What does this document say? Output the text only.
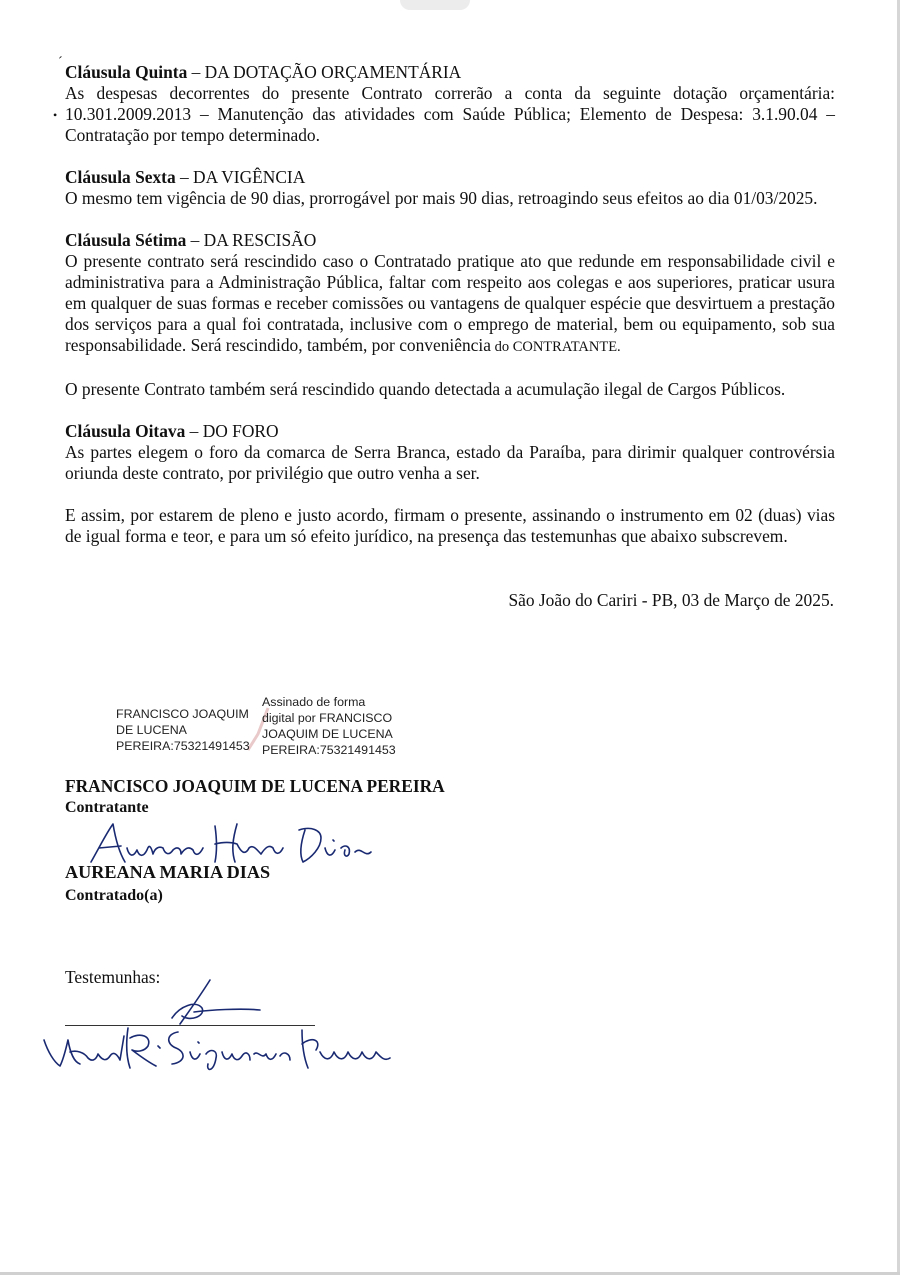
´
•
Cláusula Quinta – DA DOTAÇÃO ORÇAMENTÁRIA

As despesas decorrentes do presente Contrato correrão a conta da seguinte dotação orçamentária: 10.301.2009.2013 – Manutenção das atividades com Saúde Pública; Elemento de Despesa: 3.1.90.04 – Contratação por tempo determinado.

Cláusula Sexta – DA VIGÊNCIA

O mesmo tem vigência de 90 dias, prorrogável por mais 90 dias, retroagindo seus efeitos ao dia 01/03/2025.

Cláusula Sétima – DA RESCISÃO

O presente contrato será rescindido caso o Contratado pratique ato que redunde em responsabilidade civil e administrativa para a Administração Pública, faltar com respeito aos colegas e aos superiores, praticar usura em qualquer de suas formas e receber comissões ou vantagens de qualquer espécie que desvirtuem a prestação dos serviços para a qual foi contratada, inclusive com o emprego de material, bem ou equipamento, sob sua responsabilidade. Será rescindido, também, por conveniência do CONTRATANTE.

O presente Contrato também será rescindido quando detectada a acumulação ilegal de Cargos Públicos.

Cláusula Oitava – DO FORO

As partes elegem o foro da comarca de Serra Branca, estado da Paraíba, para dirimir qualquer controvérsia oriunda deste contrato, por privilégio que outro venha a ser.

E assim, por estarem de pleno e justo acordo, firmam o presente, assinando o instrumento em 02 (duas) vias de igual forma e teor, e para um só efeito jurídico, na presença das testemunhas que abaixo subscrevem.

São João do Cariri - PB, 03 de Março de 2025.
FRANCISCO JOAQUIM
DE LUCENA
PEREIRA:75321491453
Assinado de forma
digital por FRANCISCO
JOAQUIM DE LUCENA
PEREIRA:75321491453
FRANCISCO JOAQUIM DE LUCENA PEREIRA
Contratante
AUREANA MARIA DIAS
Contratado(a)
Testemunhas:
